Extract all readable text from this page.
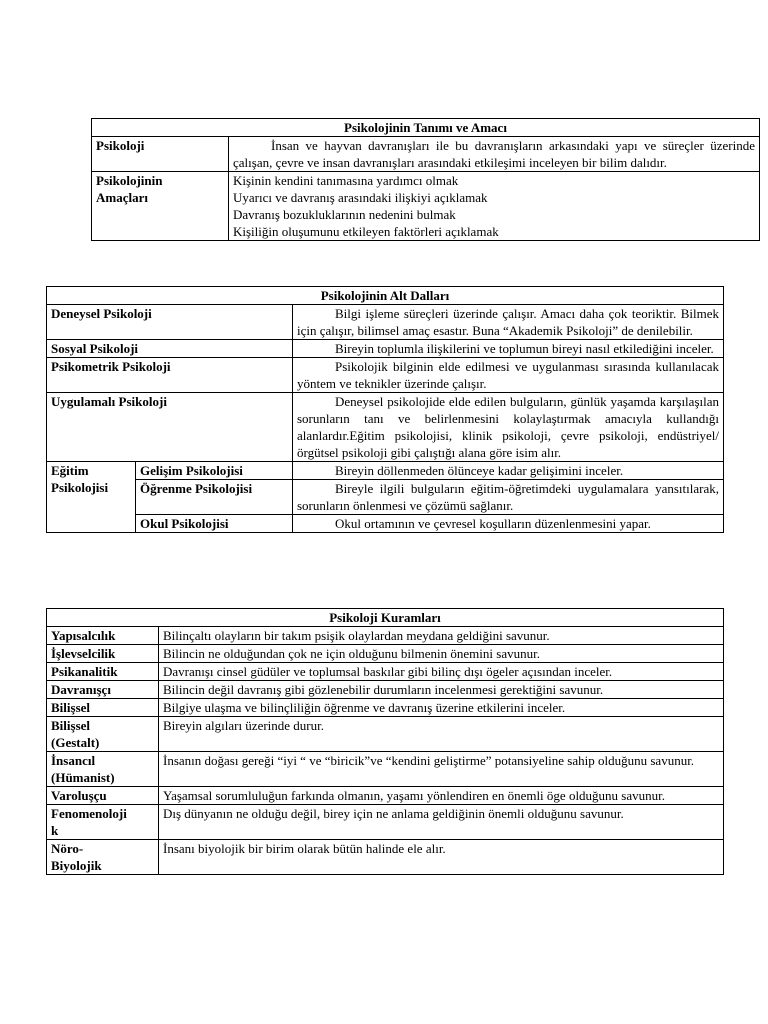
Psikolojinin Tanımı ve Amacı	
Psikoloji	İnsan ve hayvan davranışları ile bu davranışların arkasındaki yapı ve süreçler üzerinde çalışan, çevre ve insan davranışları arasındaki etkileşimi inceleyen bir bilim dalıdır.

Psikolojinin
Amaçları	Kişinin kendini tanımasına yardımcı olmak
Uyarıcı ve davranış arasındaki ilişkiyi açıklamak
Davranış bozukluklarının nedenini bulmak
Kişiliğin oluşumunu etkileyen faktörleri açıklamak
Psikolojinin Alt Dalları		
Deneysel Psikoloji		Bilgi işleme süreçleri üzerinde çalışır. Amacı daha çok teoriktir. Bilmek için çalışır, bilimsel amaç esastır. Buna “Akademik Psikoloji” de denilebilir.
Sosyal Psikoloji		Bireyin toplumla ilişkilerini ve toplumun bireyi nasıl etkilediğini inceler.
Psikometrik Psikoloji		Psikolojik bilginin elde edilmesi ve uygulanması sırasında kullanılacak yöntem ve teknikler üzerinde çalışır.
Uygulamalı Psikoloji		Deneysel psikolojide elde edilen bulguların, günlük yaşamda karşılaşılan sorunların tanı ve belirlenmesini kolaylaştırmak amacıyla kullandığı alanlardır.Eğitim psikolojisi, klinik psikoloji, çevre psikoloji, endüstriyel/örgütsel psikoloji gibi çalıştığı alana göre isim alır.

Eğitim
Psikolojisi	Gelişim Psikolojisi	Bireyin döllenmeden ölünceye kadar gelişimini inceler.
	Öğrenme Psikolojisi	Bireyle ilgili bulguların eğitim-öğretimdeki uygulamalara yansıtılarak, sorunların önlenmesi ve çözümü sağlanır.
	Okul Psikolojisi	Okul ortamının ve çevresel koşulların düzenlenmesini yapar.
Psikoloji Kuramları	

Yapısalcılık	Bilinçaltı olayların bir takım psişik olaylardan meydana geldiğini savunur.

İşlevselcilik	Bilincin ne olduğundan çok ne için olduğunu bilmenin önemini savunur.

Psikanalitik	Davranışı cinsel güdüler ve toplumsal baskılar gibi bilinç dışı ögeler açısından inceler.

Davranışçı	Bilincin değil davranış gibi gözlenebilir durumların incelenmesi gerektiğini savunur.

Bilişsel	Bilgiye ulaşma ve bilinçliliğin öğrenme ve davranış üzerine etkilerini inceler.

Bilişsel
(Gestalt)	Bireyin algıları üzerinde durur.

İnsancıl
(Hümanist)	İnsanın doğası gereği “iyi “ ve “biricik”ve “kendini geliştirme” potansiyeline sahip olduğunu savunur.

Varoluşçu	Yaşamsal sorumluluğun farkında olmanın, yaşamı yönlendiren en önemli öge olduğunu savunur.

Fenomenoloji
k	Dış dünyanın ne olduğu değil, birey için ne anlama geldiğinin önemli olduğunu savunur.

Nöro-
Biyolojik	İnsanı biyolojik bir birim olarak bütün halinde ele alır.
